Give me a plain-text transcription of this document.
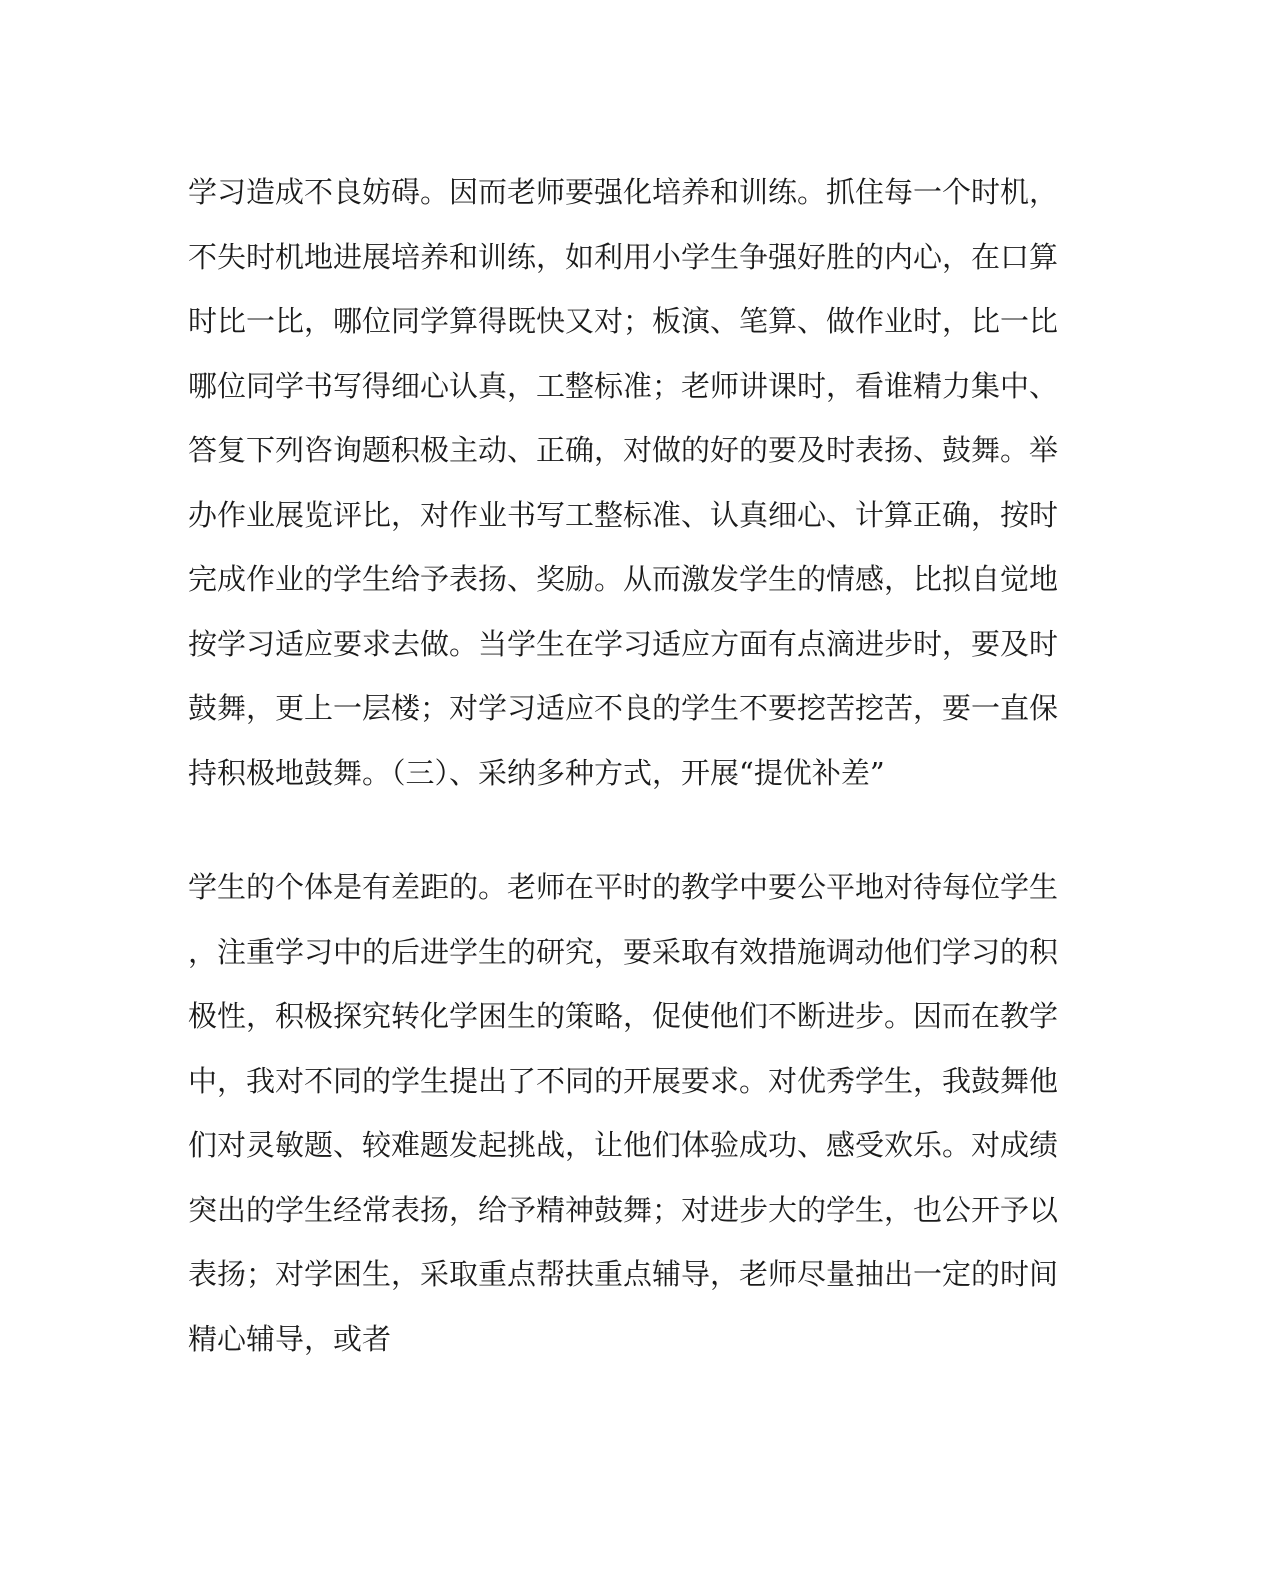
学习造成不良妨碍。因而老师要强化培养和训练。抓住每一个时机，
不失时机地进展培养和训练，如利用小学生争强好胜的内心，在口算
时比一比，哪位同学算得既快又对；板演、笔算、做作业时，比一比
哪位同学书写得细心认真，工整标准；老师讲课时，看谁精力集中、
答复下列咨询题积极主动、正确，对做的好的要及时表扬、鼓舞。举
办作业展览评比，对作业书写工整标准、认真细心、计算正确，按时
完成作业的学生给予表扬、奖励。从而激发学生的情感，比拟自觉地
按学习适应要求去做。当学生在学习适应方面有点滴进步时，要及时
鼓舞，更上一层楼；对学习适应不良的学生不要挖苦挖苦，要一直保
持积极地鼓舞。（三）、采纳多种方式，开展“提优补差”
学生的个体是有差距的。老师在平时的教学中要公平地对待每位学生
，注重学习中的后进学生的研究，要采取有效措施调动他们学习的积
极性，积极探究转化学困生的策略，促使他们不断进步。因而在教学
中，我对不同的学生提出了不同的开展要求。对优秀学生，我鼓舞他
们对灵敏题、较难题发起挑战，让他们体验成功、感受欢乐。对成绩
突出的学生经常表扬，给予精神鼓舞；对进步大的学生，也公开予以
表扬；对学困生，采取重点帮扶重点辅导，老师尽量抽出一定的时间
精心辅导，或者
